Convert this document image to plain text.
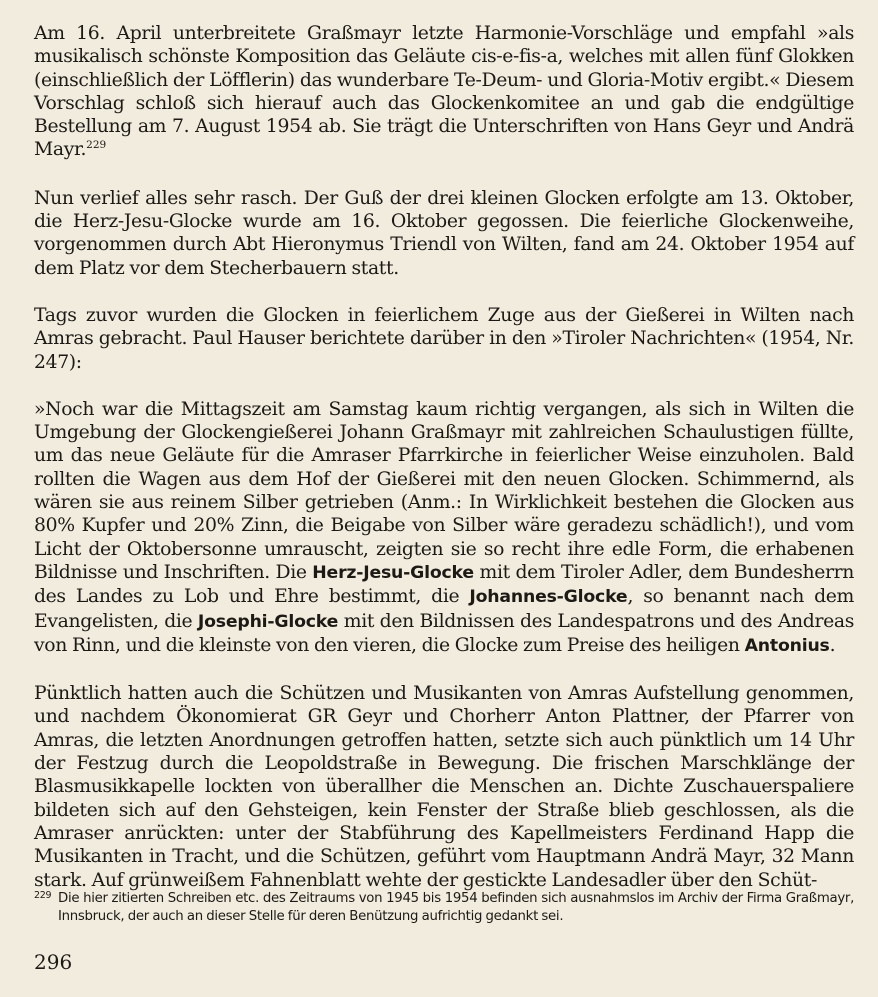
Am 16. April unterbreitete Graßmayr letzte Harmonie-Vorschläge und empfahl »als musikalisch schönste Komposition das Geläute cis-e-fis-a, welches mit allen fünf Glokken (einschließlich der Löfflerin) das wunderbare Te-Deum- und Gloria-Motiv ergibt.« Diesem Vorschlag schloß sich hierauf auch das Glockenkomitee an und gab die endgültige Bestellung am 7. August 1954 ab. Sie trägt die Unterschriften von Hans Geyr und Andrä Mayr.$^{229}$

Nun verlief alles sehr rasch. Der Guß der drei kleinen Glocken erfolgte am 13. Oktober, die Herz-Jesu-Glocke wurde am 16. Oktober gegossen. Die feierliche Glockenweihe, vorgenommen durch Abt Hieronymus Triendl von Wilten, fand am 24. Oktober 1954 auf dem Platz vor dem Stecherbauern statt.

Tags zuvor wurden die Glocken in feierlichem Zuge aus der Gießerei in Wilten nach Amras gebracht. Paul Hauser berichtete darüber in den »Tiroler Nachrichten« (1954, Nr. 247):

»Noch war die Mittagszeit am Samstag kaum richtig vergangen, als sich in Wilten die Umgebung der Glockengießerei Johann Graßmayr mit zahlreichen Schaulustigen füllte, um das neue Geläute für die Amraser Pfarrkirche in feierlicher Weise einzuholen. Bald rollten die Wagen aus dem Hof der Gießerei mit den neuen Glocken. Schimmernd, als wären sie aus reinem Silber getrieben (Anm.: In Wirklichkeit bestehen die Glocken aus 80% Kupfer und 20% Zinn, die Beigabe von Silber wäre geradezu schädlich!), und vom Licht der Oktobersonne umrauscht, zeigten sie so recht ihre edle Form, die erhabenen Bildnisse und Inschriften. Die Herz-Jesu-Glocke mit dem Tiroler Adler, dem Bundesherrn des Landes zu Lob und Ehre bestimmt, die Johannes-Glocke, so benannt nach dem Evangelisten, die Josephi-Glocke mit den Bildnissen des Landespatrons und des Andreas von Rinn, und die kleinste von den vieren, die Glocke zum Preise des heiligen Antonius.

Pünktlich hatten auch die Schützen und Musikanten von Amras Aufstellung genommen, und nachdem Ökonomierat GR Geyr und Chorherr Anton Plattner, der Pfarrer von Amras, die letzten Anordnungen getroffen hatten, setzte sich auch pünktlich um 14 Uhr der Festzug durch die Leopoldstraße in Bewegung. Die frischen Marschklänge der Blasmusikkapelle lockten von überallher die Menschen an. Dichte Zuschauerspaliere bildeten sich auf den Gehsteigen, kein Fenster der Straße blieb geschlossen, als die Amraser anrückten: unter der Stabführung des Kapellmeisters Ferdinand Happ die Musikanten in Tracht, und die Schützen, geführt vom Hauptmann Andrä Mayr, 32 Mann stark. Auf grünweißem Fahnenblatt wehte der gestickte Landesadler über den Schüt-

229 Die hier zitierten Schreiben etc. des Zeitraums von 1945 bis 1954 befinden sich ausnahmslos im Archiv der Firma Graßmayr, Innsbruck, der auch an dieser Stelle für deren Benützung aufrichtig gedankt sei.
296
